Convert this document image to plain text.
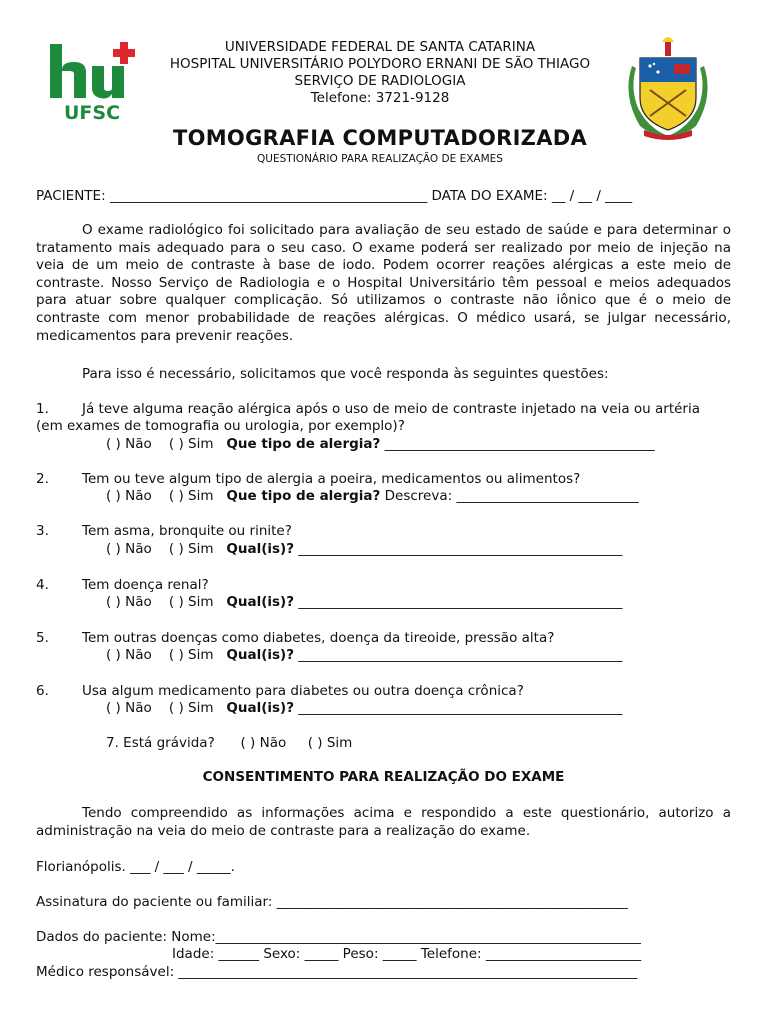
UFSC
UNIVERSIDADE FEDERAL DE SANTA CATARINA
HOSPITAL UNIVERSITÁRIO POLYDORO ERNANI DE SÃO THIAGO
SERVIÇO DE RADIOLOGIA
Telefone: 3721-9128
TOMOGRAFIA COMPUTADORIZADA
QUESTIONÁRIO PARA REALIZAÇÃO DE EXAMES
PACIENTE: _______________________________________________ DATA DO EXAME: __ / __ / ____
O exame radiológico foi solicitado para avaliação de seu estado de saúde e para determinar o tratamento mais adequado para o seu caso. O exame poderá ser realizado por meio de injeção na veia de um meio de contraste à base de iodo. Podem ocorrer reações alérgicas a este meio de contraste. Nosso Serviço de Radiologia e o Hospital Universitário têm pessoal e meios adequados para atuar sobre qualquer complicação. Só utilizamos o contraste não iônico que é o meio de contraste com menor probabilidade de reações alérgicas. O médico usará, se julgar necessário, medicamentos para prevenir reações.
Para isso é necessário, solicitamos que você responda às seguintes questões:
1. Já teve alguma reação alérgica após o uso de meio de contraste injetado na veia ou artéria
(em exames de tomografia ou urologia, por exemplo)?
( ) Não ( ) Sim Que tipo de alergia? ________________________________________
2. Tem ou teve algum tipo de alergia a poeira, medicamentos ou alimentos?
( ) Não ( ) Sim Que tipo de alergia? Descreva: ___________________________
3. Tem asma, bronquite ou rinite?
( ) Não ( ) Sim Qual(is)? ________________________________________________
4. Tem doença renal?
( ) Não ( ) Sim Qual(is)? ________________________________________________
5. Tem outras doenças como diabetes, doença da tireoide, pressão alta?
( ) Não ( ) Sim Qual(is)? ________________________________________________
6. Usa algum medicamento para diabetes ou outra doença crônica?
( ) Não ( ) Sim Qual(is)? ________________________________________________
7. Está grávida? ( ) Não ( ) Sim
CONSENTIMENTO PARA REALIZAÇÃO DO EXAME
Tendo compreendido as informações acima e respondido a este questionário, autorizo a administração na veia do meio de contraste para a realização do exame.
Florianópolis. ___ / ___ / _____.
Assinatura do paciente ou familiar: ____________________________________________________
Dados do paciente: Nome:_______________________________________________________________
Idade: ______ Sexo: _____ Peso: _____ Telefone: _______________________
Médico responsável: ____________________________________________________________________
